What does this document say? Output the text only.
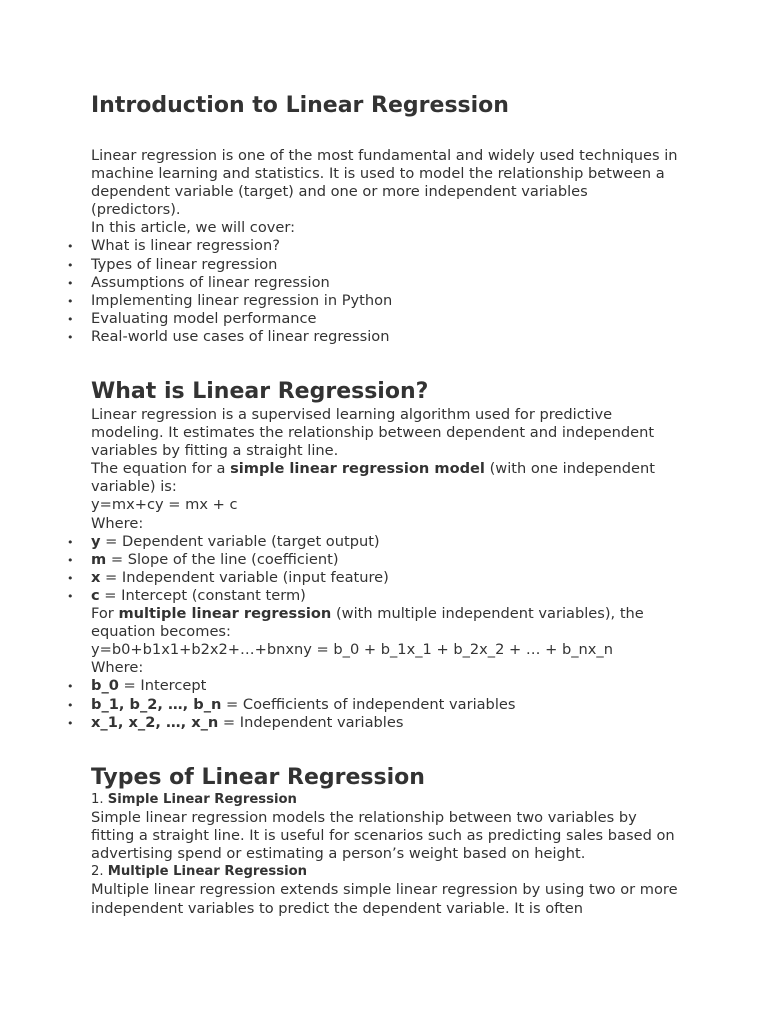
Introduction to Linear Regression

Linear regression is one of the most fundamental and widely used techniques in machine learning and statistics. It is used to model the relationship between a dependent variable (target) and one or more independent variables (predictors).

In this article, we will cover:

• What is linear regression?
• Types of linear regression
• Assumptions of linear regression
• Implementing linear regression in Python
• Evaluating model performance
• Real-world use cases of linear regression
What is Linear Regression?

Linear regression is a supervised learning algorithm used for predictive modeling. It estimates the relationship between dependent and independent variables by fitting a straight line.

The equation for a simple linear regression model (with one independent variable) is:

y=mx+cy = mx + c

Where:

• y = Dependent variable (target output)
• m = Slope of the line (coefficient)
• x = Independent variable (input feature)
• c = Intercept (constant term)

For multiple linear regression (with multiple independent variables), the equation becomes:

y=b0+b1x1+b2x2+…+bnxny = b_0 + b_1x_1 + b_2x_2 + … + b_nx_n

Where:

• b_0 = Intercept
• b_1, b_2, …, b_n = Coefficients of independent variables
• x_1, x_2, …, x_n = Independent variables
Types of Linear Regression

1. Simple Linear Regression

Simple linear regression models the relationship between two variables by fitting a straight line. It is useful for scenarios such as predicting sales based on advertising spend or estimating a person’s weight based on height.

2. Multiple Linear Regression

Multiple linear regression extends simple linear regression by using two or more independent variables to predict the dependent variable. It is often
